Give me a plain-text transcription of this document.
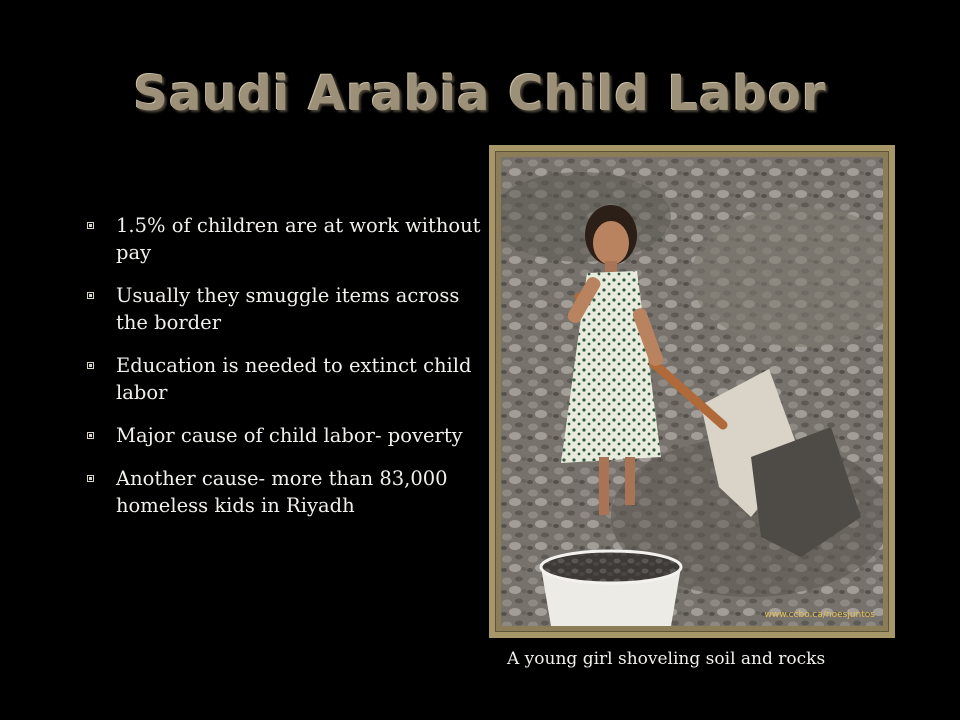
Saudi Arabia Child Labor
1.5% of children are at work without pay
Usually they smuggle items across the border
Education is needed to extinct child labor
Major cause of child labor- poverty
Another cause- more than 83,000 homeless kids in Riyadh
www.ccbo.ca/noesjuntos
A young girl shoveling soil and rocks
